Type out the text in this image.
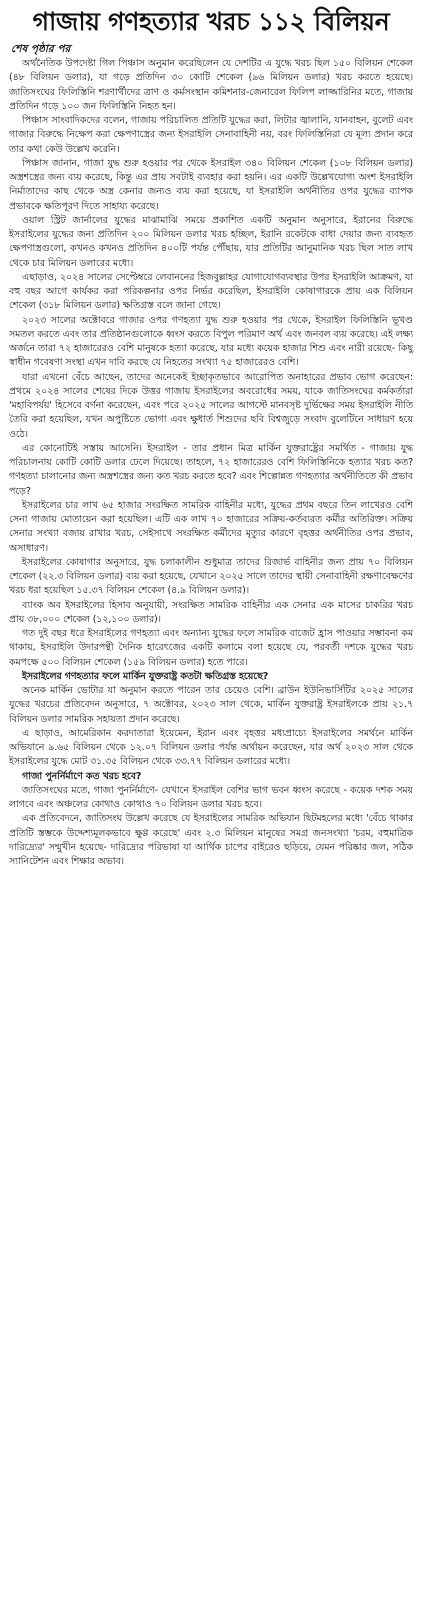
গাজায় গণহত্যার খরচ ১১২ বিলিয়ন
শেষ পৃষ্ঠার পর

অর্থনৈতিক উপদেষ্টা গিল পিঞ্চাস অনুমান করেছিলেন যে দেশটির এ যুদ্ধে খরচ ছিল ১৫০ বিলিয়ন শেকেল (৪৮ বিলিয়ন ডলার), যা গড়ে প্রতিদিন ৩০ কোটি শেকেল (৯৬ মিলিয়ন ডলার) খরচ করতে হয়েছে। জাতিসংঘের ফিলিস্তিনি শরণার্থীদের ত্রাণ ও কর্মসংস্থান কমিশনার-জেনারেল ফিলিপ লাজ্জারিনির মতে, গাজায় প্রতিদিন গড়ে ১০০ জন ফিলিস্তিনি নিহত হন।

পিঞ্চাস সাংবাদিকদের বলেন, গাজায় পরিচালিত প্রতিটি যুদ্ধের করা, লিটার জ্বালানি, যানবাহন, বুলেট এবং গাজার বিরুদ্ধে নিক্ষেপ করা ক্ষেপণাস্ত্রের জন্য ইসরাইলি সেনাবাহিনী নয়, বরং ফিলিস্তিনিরা যে মূল্য প্রদান করে তার কথা কেউ উল্লেখ করেনি।

পিঞ্চাস জানান, গাজা যুদ্ধ শুরু হওয়ার পর থেকে ইসরাইল ৩৪০ বিলিয়ন শেকেল (১০৮ বিলিয়ন ডলার) অস্ত্রশস্ত্রের জন্য ব্যয় করেছে, কিন্তু এর প্রায় সবটাই ব্যবহার করা হয়নি। এর একটি উল্লেখযোগ্য অংশ ইসরাইলি নির্মাতাদের কাছ থেকে অস্ত্র কেনার জন্যও ব্যয় করা হয়েছে, যা ইসরাইলি অর্থনীতির ওপর যুদ্ধের ব্যাপক প্রভাবকে ক্ষতিপূরণ দিতে সাহায্য করেছে।

ওয়াল স্ট্রিট জার্নালের যুদ্ধের মাঝামাঝি সময়ে প্রকাশিত একটি অনুমান অনুসারে, ইরানের বিরুদ্ধে ইসরাইলের যুদ্ধের জন্য প্রতিদিন ২০০ মিলিয়ন ডলার খরচ হচ্ছিল, ইরানি রকেটকে বাধা দেয়ার জন্য ব্যবহৃত ক্ষেপণাস্ত্রগুলো, কখনও কখনও প্রতিদিন ৪০০টি পর্যন্ত পৌঁছায়, যার প্রতিটির আনুমানিক খরচ ছিল সাত লাখ থেকে চার মিলিয়ন ডলারের মধ্যে।

এছাড়াও, ২০২৪ সালের সেপ্টেম্বরে লেবাননের হিজবুল্লাহর যোগাযোগব্যবস্থার উপর ইসরাইলি আক্রমণ, যা বহু বছর আগে কার্যকর করা পরিকল্পনার ওপর নির্ভর করেছিল, ইসরাইলি কোষাগারকে প্রায় এক বিলিয়ন শেকেল (৩১৮ মিলিয়ন ডলার) ক্ষতিগ্রস্ত বলে জানা গেছে।

২০২৩ সালের অক্টোবরে গাজার ওপর গণহত্যা যুদ্ধ শুরু হওয়ার পর থেকে, ইসরাইল ফিলিস্তিনি ভূখণ্ড সমতল করতে এবং তার প্রতিষ্ঠানগুলোকে ধ্বংস করতে বিপুল পরিমাণ অর্থ এবং জনবল ব্যয় করেছে। এই লক্ষ্য অর্জনে তারা ৭২ হাজারেরও বেশি মানুষকে হত্যা করেছে, যার মধ্যে কয়েক হাজার শিশু এবং নারী রয়েছে- কিছু স্বাধীন গবেষণা সংস্থা এখন দাবি করছে যে নিহতের সংখ্যা ৭৫ হাজারেরও বেশি।

যারা এখনো বেঁচে আছেন, তাদের অনেকেই ইচ্ছাকৃতভাবে আরোপিত অনাহারের প্রভাব ভোগ করেছেন: প্রথমে ২০২৪ সালের শেষের দিকে উত্তর গাজায় ইসরাইলের অবরোধের সময়, যাকে জাতিসংঘের কর্মকর্তারা 'মহাবিপর্যয়' হিসেবে বর্ণনা করেছেন, এবং পরে ২০২৫ সালের আগস্টে মানবসৃষ্ট দুর্ভিক্ষের সময় ইসরাইলি নীতি তৈরি করা হয়েছিল, যখন অপুষ্টিতে ভোগা এবং ক্ষুধার্ত শিশুদের ছবি বিশ্বজুড়ে সংবাদ বুলেটিনে সাধারণ হয়ে ওঠে।

এর কোনোটিই সস্তায় আসেনি। ইসরাইল - তার প্রধান মিত্র মার্কিন যুক্তরাষ্ট্রের সমর্থিত - গাজায় যুদ্ধ পরিচালনায় কোটি কোটি ডলার ঢেলে দিয়েছে। তাহলে, ৭২ হাজারেরও বেশি ফিলিস্তিনিকে হত্যার খরচ কত? গণহত্যা চালানোর জন্য অস্ত্রশস্ত্রের জন্য কত খরচ করতে হবে? এবং শিল্পোন্নত গণহত্যার অর্থনীতিতে কী প্রভাব পড়ে?

ইসরাইলের চার লাখ ৬৫ হাজার সংরক্ষিত সামরিক বাহিনীর মধ্যে, যুদ্ধের প্রথম বছরে তিন লাখেরও বেশি সেনা গাজায় মোতায়েন করা হয়েছিল। এটি এক লাখ ৭০ হাজারের সক্রিয়-কর্তব্যরত কর্মীর অতিরিক্ত। সক্রিয় সেনার সংখ্যা বজায় রাখার খরচ, সেইসাথে সংরক্ষিত কর্মীদের মৃত্যুর কারণে বৃহত্তর অর্থনীতির ওপর প্রভাব, অসাধারণ।

ইসরাইলের কোষাগার অনুসারে, যুদ্ধ চলাকালীন শুধুমাত্র তাদের রিজার্ভ বাহিনীর জন্য প্রায় ৭০ বিলিয়ন শেকেল (২২.৩ বিলিয়ন ডলার) ব্যয় করা হয়েছে, যেখানে ২০২৫ সালে তাদের স্থায়ী সেনাবাহিনী রক্ষণাবেক্ষণের খরচ ধরা হয়েছিল ১৫.৩৭ বিলিয়ন শেকেল (৪.৯ বিলিয়ন ডলার)।

ব্যাংক অব ইসরাইলের হিসাব অনুযায়ী, সংরক্ষিত সামরিক বাহিনীর এক সেনার এক মাসের চাকরির খরচ প্রায় ৩৮,০০০ শেকেল (১২,১০০ ডলার)।

গত দুই বছর ধরে ইসরাইলের গণহত্যা এবং অন্যান্য যুদ্ধের ফলে সামরিক বাজেট হ্রাস পাওয়ার সম্ভাবনা কম থাকায়, ইসরাইলি উদারপন্থী দৈনিক হারেৎজের একটি কলামে বলা হয়েছে যে, পরবর্তী দশকে যুদ্ধের খরচ কমপক্ষে ৫০০ বিলিয়ন শেকেল (১৫৯ বিলিয়ন ডলার) হতে পারে।

ইসরাইলের গণহত্যার ফলে মার্কিন যুক্তরাষ্ট্র কতটা ক্ষতিগ্রস্ত হয়েছে?

অনেক মার্কিন ভোটার যা অনুমান করতে পারেন তার চেয়েও বেশি। ব্রাউন ইউনিভার্সিটির ২০২৫ সালের যুদ্ধের খরচের প্রতিবেদন অনুসারে, ৭ অক্টোবর, ২০২৩ সাল থেকে, মার্কিন যুক্তরাষ্ট্র ইসরাইলকে প্রায় ২১.৭ বিলিয়ন ডলার সামরিক সহায়তা প্রদান করেছে।

এ ছাড়াও, আমেরিকান করদাতারা ইয়েমেন, ইরান এবং বৃহত্তর মধ্যপ্রাচ্যে ইসরাইলের সমর্থনে মার্কিন অভিযানে ৯.৬৫ বিলিয়ন থেকে ১২.০৭ বিলিয়ন ডলার পর্যন্ত অর্থায়ন করেছেন, যার অর্থ ২০২৩ সাল থেকে ইসরাইলের যুদ্ধে মোট ৩১.৩৫ বিলিয়ন থেকে ৩৩.৭৭ বিলিয়ন ডলারের মধ্যে।

গাজা পুনর্নির্মাণে কত খরচ হবে?

জাতিসংঘের মতে, গাজা পুনর্নির্মাণে- যেখানে ইসরাইল বেশির ভাগ ভবন ধ্বংস করেছে - কয়েক দশক সময় লাগবে এবং অঞ্চলের কোথাও কোথাও ৭০ বিলিয়ন ডলার খরচ হবে।

এক প্রতিবেদনে, জাতিসংঘ উল্লেখ করেছে যে ইসরাইলের সামরিক অভিযান ছিটমহলের মধ্যে 'বেঁচে থাকার প্রতিটি স্তম্ভকে উদ্দেশ্যমূলকভাবে ক্ষুণ্ণ করেছে' এবং ২.৩ মিলিয়ন মানুষের সমগ্র জনসংখ্যা 'চরম, বহুমাত্রিক দারিদ্র্যের' সম্মুখীন হয়েছে- দারিদ্র্যের পরিভাষা যা আর্থিক চাপের বাইরেও ছড়িয়ে, যেমন পরিষ্কার জল, সঠিক স্যানিটেশন এবং শিক্ষার অভাব।
